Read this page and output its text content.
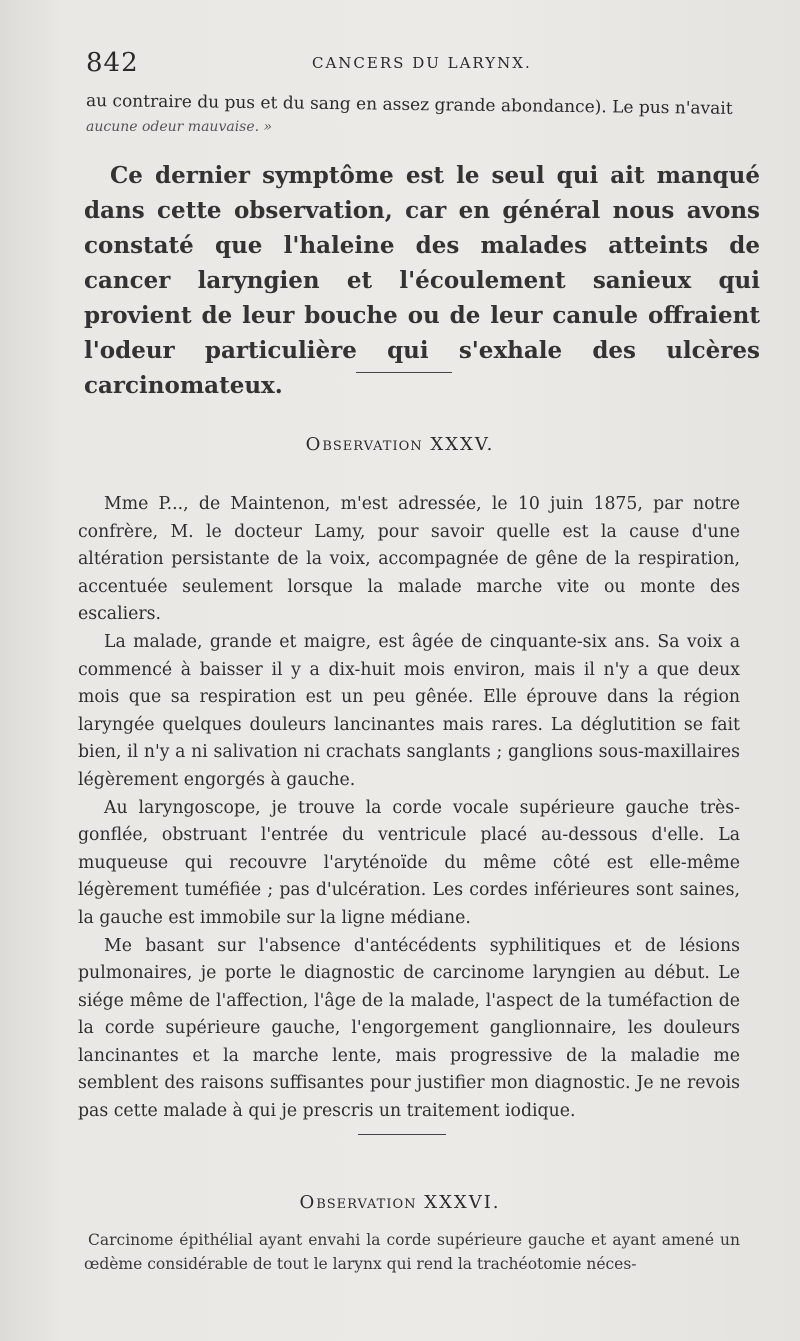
842	CANCERS DU LARYNX.
au contraire du pus et du sang en assez grande abondance). Le pus n'avait
aucune odeur mauvaise. »
Ce dernier symptôme est le seul qui ait manqué dans cette observation, car en général nous avons constaté que l'haleine des malades atteints de cancer laryngien et l'écoulement sanieux qui provient de leur bouche ou de leur canule offraient l'odeur particulière qui s'exhale des ulcères carcinomateux.
OBSERVATION XXXV.

Mme P..., de Maintenon, m'est adressée, le 10 juin 1875, par notre confrère, M. le docteur Lamy, pour savoir quelle est la cause d'une altération persistante de la voix, accompagnée de gêne de la respiration, accentuée seulement lorsque la malade marche vite ou monte des escaliers.

La malade, grande et maigre, est âgée de cinquante-six ans. Sa voix a commencé à baisser il y a dix-huit mois environ, mais il n'y a que deux mois que sa respiration est un peu gênée. Elle éprouve dans la région laryngée quelques douleurs lancinantes mais rares. La déglutition se fait bien, il n'y a ni salivation ni crachats sanglants ; ganglions sous-maxillaires légèrement engorgés à gauche.

Au laryngoscope, je trouve la corde vocale supérieure gauche très-gonflée, obstruant l'entrée du ventricule placé au-dessous d'elle. La muqueuse qui recouvre l'aryténoïde du même côté est elle-même légèrement tuméfiée ; pas d'ulcération. Les cordes inférieures sont saines, la gauche est immobile sur la ligne médiane.

Me basant sur l'absence d'antécédents syphilitiques et de lésions pulmonaires, je porte le diagnostic de carcinome laryngien au début. Le siége même de l'affection, l'âge de la malade, l'aspect de la tuméfaction de la corde supérieure gauche, l'engorgement ganglionnaire, les douleurs lancinantes et la marche lente, mais progressive de la maladie me semblent des raisons suffisantes pour justifier mon diagnostic. Je ne revois pas cette malade à qui je prescris un traitement iodique.

OBSERVATION XXXVI.

Carcinome épithélial ayant envahi la corde supérieure gauche et ayant amené un œdème considérable de tout le larynx qui rend la trachéotomie néces-
